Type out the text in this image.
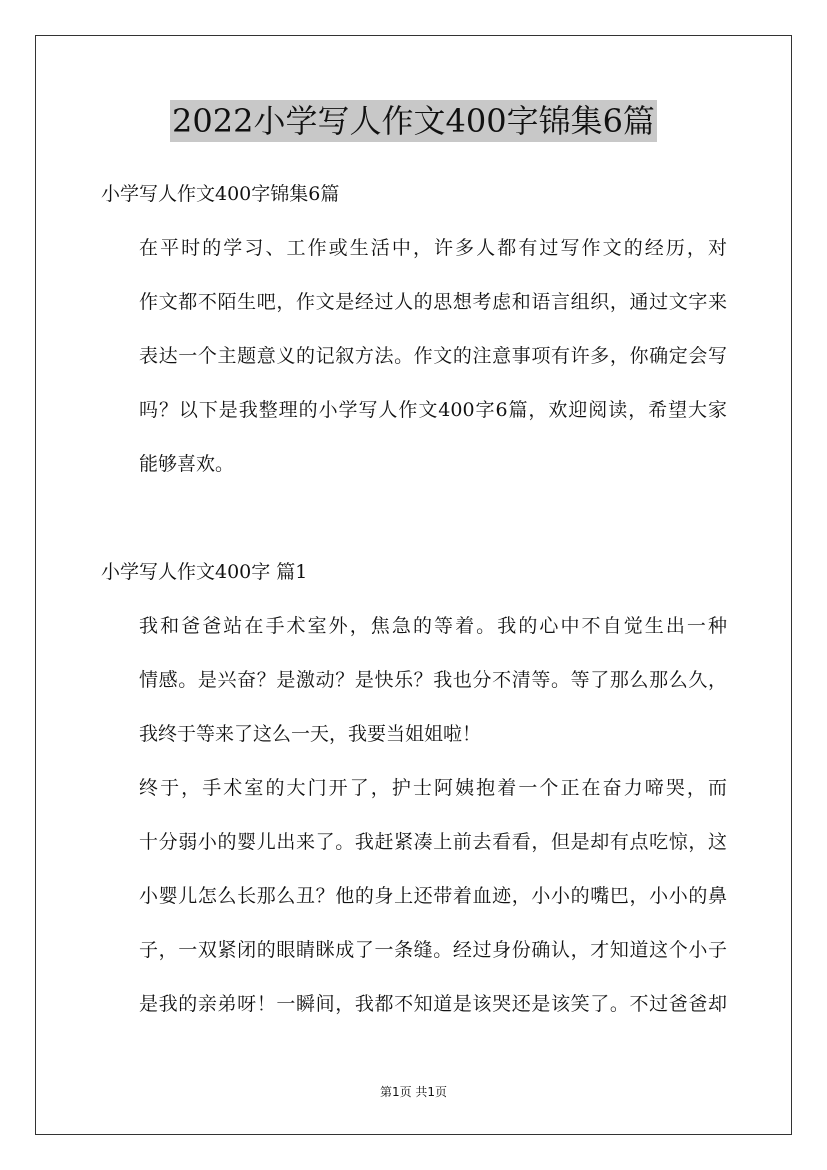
2022小学写人作文400字锦集6篇
小学写人作文400字锦集6篇
在平时的学习、工作或生活中，许多人都有过写作文的经历，对
作文都不陌生吧，作文是经过人的思想考虑和语言组织，通过文字来
表达一个主题意义的记叙方法。作文的注意事项有许多，你确定会写
吗？以下是我整理的小学写人作文400字6篇，欢迎阅读，希望大家
能够喜欢。
小学写人作文400字 篇1
我和爸爸站在手术室外，焦急的等着。我的心中不自觉生出一种
情感。是兴奋？是激动？是快乐？我也分不清等。等了那么那么久，
我终于等来了这么一天，我要当姐姐啦！
终于，手术室的大门开了，护士阿姨抱着一个正在奋力啼哭，而
十分弱小的婴儿出来了。我赶紧凑上前去看看，但是却有点吃惊，这
小婴儿怎么长那么丑？他的身上还带着血迹，小小的嘴巴，小小的鼻
子，一双紧闭的眼睛眯成了一条缝。经过身份确认，才知道这个小子
是我的亲弟呀！一瞬间，我都不知道是该哭还是该笑了。不过爸爸却
第1页 共1页
